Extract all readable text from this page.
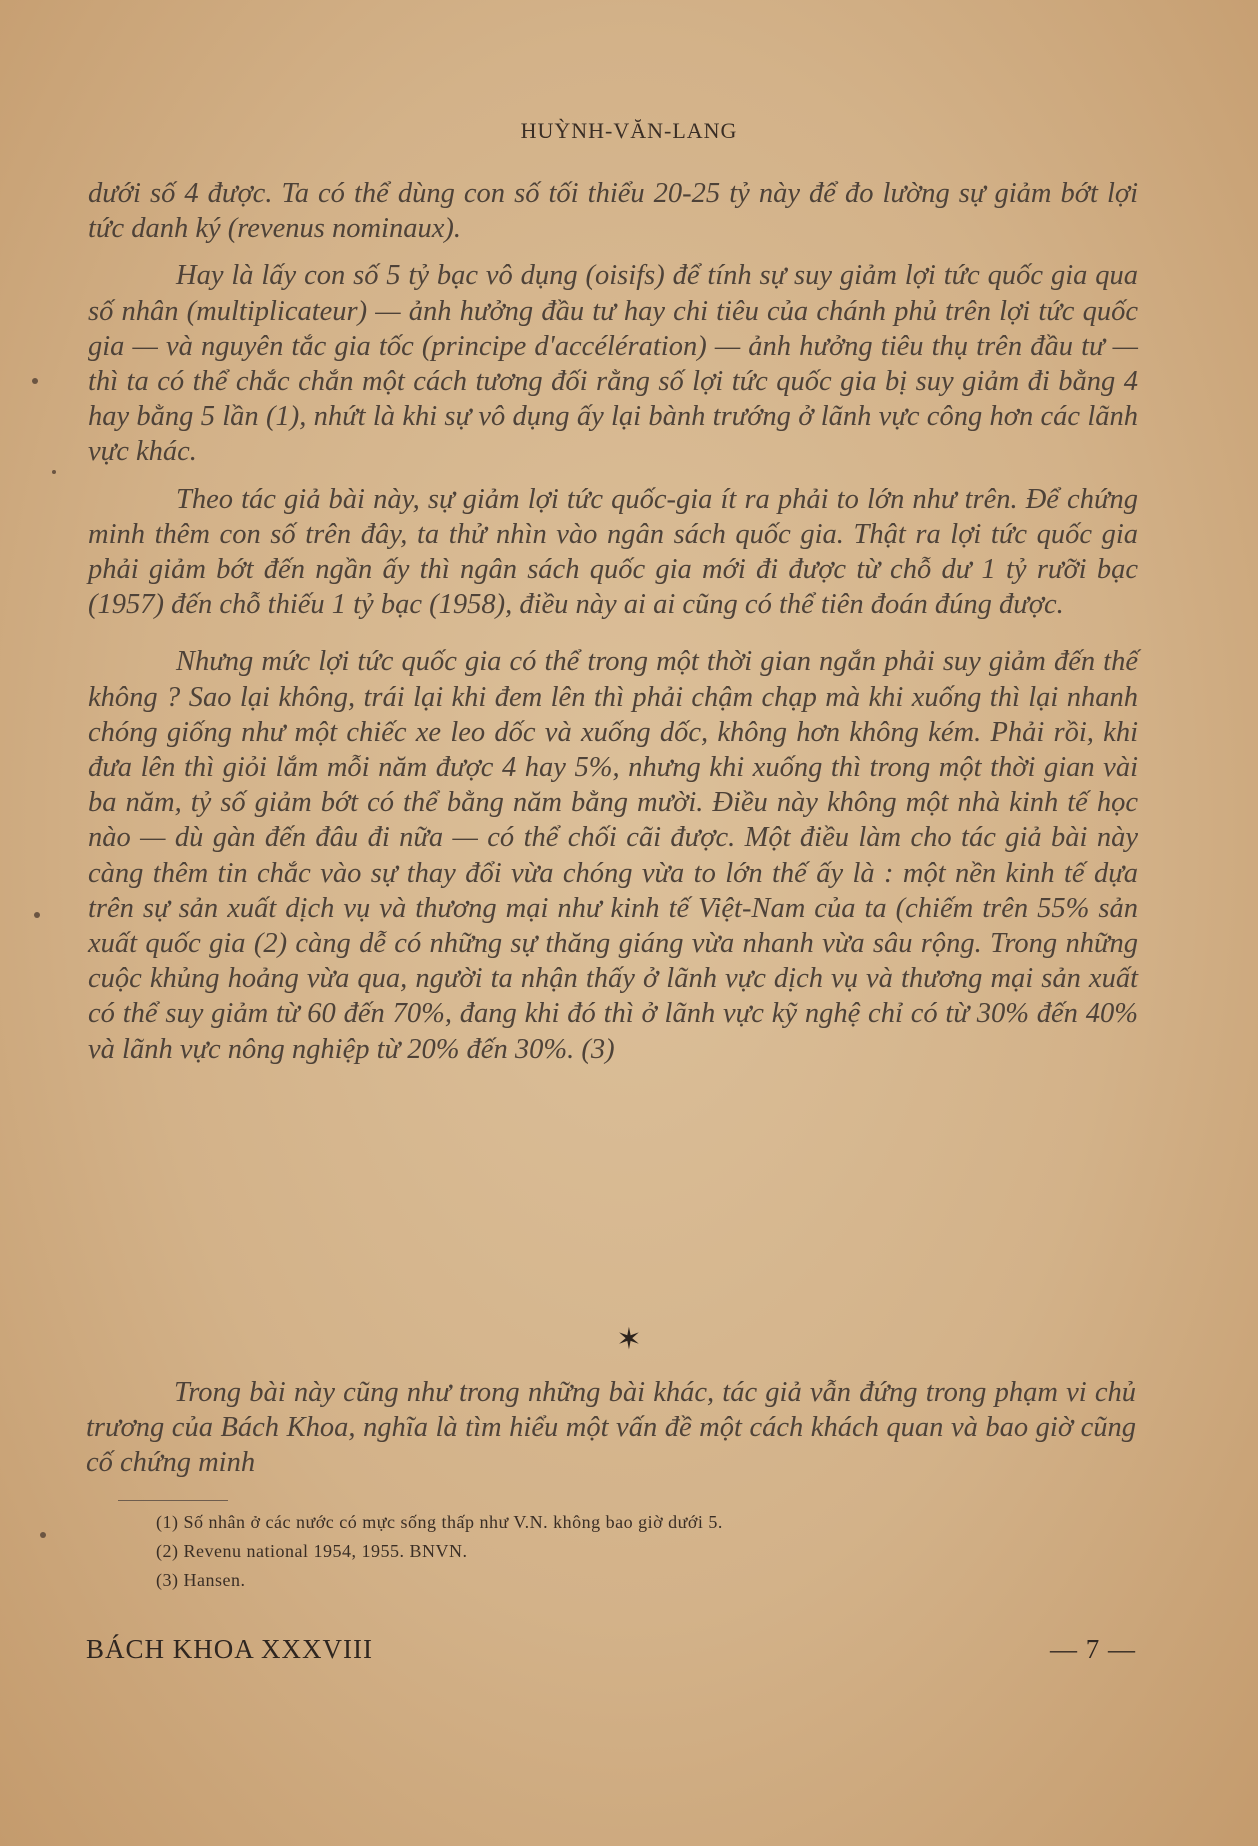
HUỲNH-VĂN-LANG

dưới số 4 được. Ta có thể dùng con số tối thiểu 20-25 tỷ này để đo lường sự giảm bớt lợi tức danh ký (revenus nominaux).

Hay là lấy con số 5 tỷ bạc vô dụng (oisifs) để tính sự suy giảm lợi tức quốc gia qua số nhân (multiplicateur) — ảnh hưởng đầu tư hay chi tiêu của chánh phủ trên lợi tức quốc gia — và nguyên tắc gia tốc (principe d'accélération) — ảnh hưởng tiêu thụ trên đầu tư — thì ta có thể chắc chắn một cách tương đối rằng số lợi tức quốc gia bị suy giảm đi bằng 4 hay bằng 5 lần (1), nhứt là khi sự vô dụng ấy lại bành trướng ở lãnh vực công hơn các lãnh vực khác.

Theo tác giả bài này, sự giảm lợi tức quốc-gia ít ra phải to lớn như trên. Để chứng minh thêm con số trên đây, ta thử nhìn vào ngân sách quốc gia. Thật ra lợi tức quốc gia phải giảm bớt đến ngần ấy thì ngân sách quốc gia mới đi được từ chỗ dư 1 tỷ rưỡi bạc (1957) đến chỗ thiếu 1 tỷ bạc (1958), điều này ai ai cũng có thể tiên đoán đúng được.

Nhưng mức lợi tức quốc gia có thể trong một thời gian ngắn phải suy giảm đến thế không ? Sao lại không, trái lại khi đem lên thì phải chậm chạp mà khi xuống thì lại nhanh chóng giống như một chiếc xe leo dốc và xuống dốc, không hơn không kém. Phải rồi, khi đưa lên thì giỏi lắm mỗi năm được 4 hay 5%, nhưng khi xuống thì trong một thời gian vài ba năm, tỷ số giảm bớt có thể bằng năm bằng mười. Điều này không một nhà kinh tế học nào — dù gàn đến đâu đi nữa — có thể chối cãi được. Một điều làm cho tác giả bài này càng thêm tin chắc vào sự thay đổi vừa chóng vừa to lớn thế ấy là : một nền kinh tế dựa trên sự sản xuất dịch vụ và thương mại như kinh tế Việt-Nam của ta (chiếm trên 55% sản xuất quốc gia (2) càng dễ có những sự thăng giáng vừa nhanh vừa sâu rộng. Trong những cuộc khủng hoảng vừa qua, người ta nhận thấy ở lãnh vực dịch vụ và thương mại sản xuất có thể suy giảm từ 60 đến 70%, đang khi đó thì ở lãnh vực kỹ nghệ chỉ có từ 30% đến 40% và lãnh vực nông nghiệp từ 20% đến 30%. (3)

✶
Trong bài này cũng như trong những bài khác, tác giả vẫn đứng trong phạm vi chủ trương của Bách Khoa, nghĩa là tìm hiểu một vấn đề một cách khách quan và bao giờ cũng cố chứng minh
(1) Số nhân ở các nước có mực sống thấp như V.N. không bao giờ dưới 5.
(2) Revenu national 1954, 1955. BNVN.
(3) Hansen.
BÁCH KHOA XXXVIII	— 7 —
